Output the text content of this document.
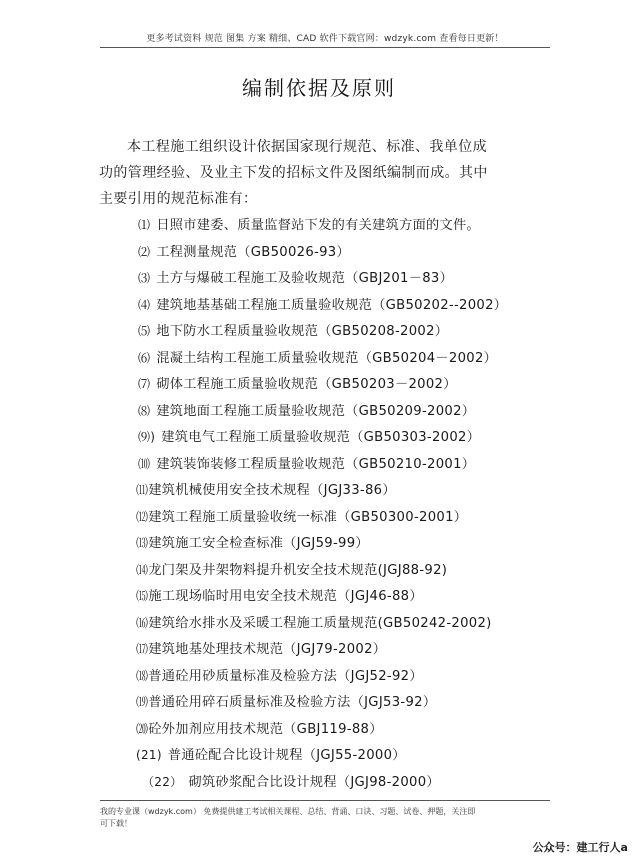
更多考试资料 规范 图集 方案 精细、CAD 软件下载官网：wdzyk.com 查看每日更新！
编制依据及原则
本工程施工组织设计依据国家现行规范、标准、我单位成
功的管理经验、及业主下发的招标文件及图纸编制而成。其中
主要引用的规范标准有：
⑴ 日照市建委、质量监督站下发的有关建筑方面的文件。
⑵ 工程测量规范（GB50026-93）
⑶ 土方与爆破工程施工及验收规范（GBJ201－83）
⑷ 建筑地基基础工程施工质量验收规范（GB50202--2002）
⑸ 地下防水工程质量验收规范（GB50208-2002）
⑹ 混凝土结构工程施工质量验收规范（GB50204－2002）
⑺ 砌体工程施工质量验收规范（GB50203－2002）
⑻ 建筑地面工程施工质量验收规范（GB50209-2002）
⑼) 建筑电气工程施工质量验收规范（GB50303-2002）
⑽ 建筑装饰装修工程质量验收规范（GB50210-2001）
⑾建筑机械使用安全技术规程（JGJ33-86）
⑿建筑工程施工质量验收统一标准（GB50300-2001）
⒀建筑施工安全检查标准（JGJ59-99）
⒁龙门架及井架物料提升机安全技术规范(JGJ88-92)
⒂施工现场临时用电安全技术规范（JGJ46-88）
⒃建筑给水排水及采暖工程施工质量规范(GB50242-2002)
⒄建筑地基处理技术规范（JGJ79-2002）
⒅普通砼用砂质量标准及检验方法（JGJ52-92）
⒆普通砼用碎石质量标准及检验方法（JGJ53-92）
⒇砼外加剂应用技术规范（GBJ119-88）
(21) 普通砼配合比设计规程（JGJ55-2000）
（22） 砌筑砂浆配合比设计规程（JGJ98-2000）
我的专业课（wdzyk.com） 免费提供建工考试相关课程、总结、背诵、口诀、习题、试卷、押题，关注即
可下载！
公众号：建工行人a
